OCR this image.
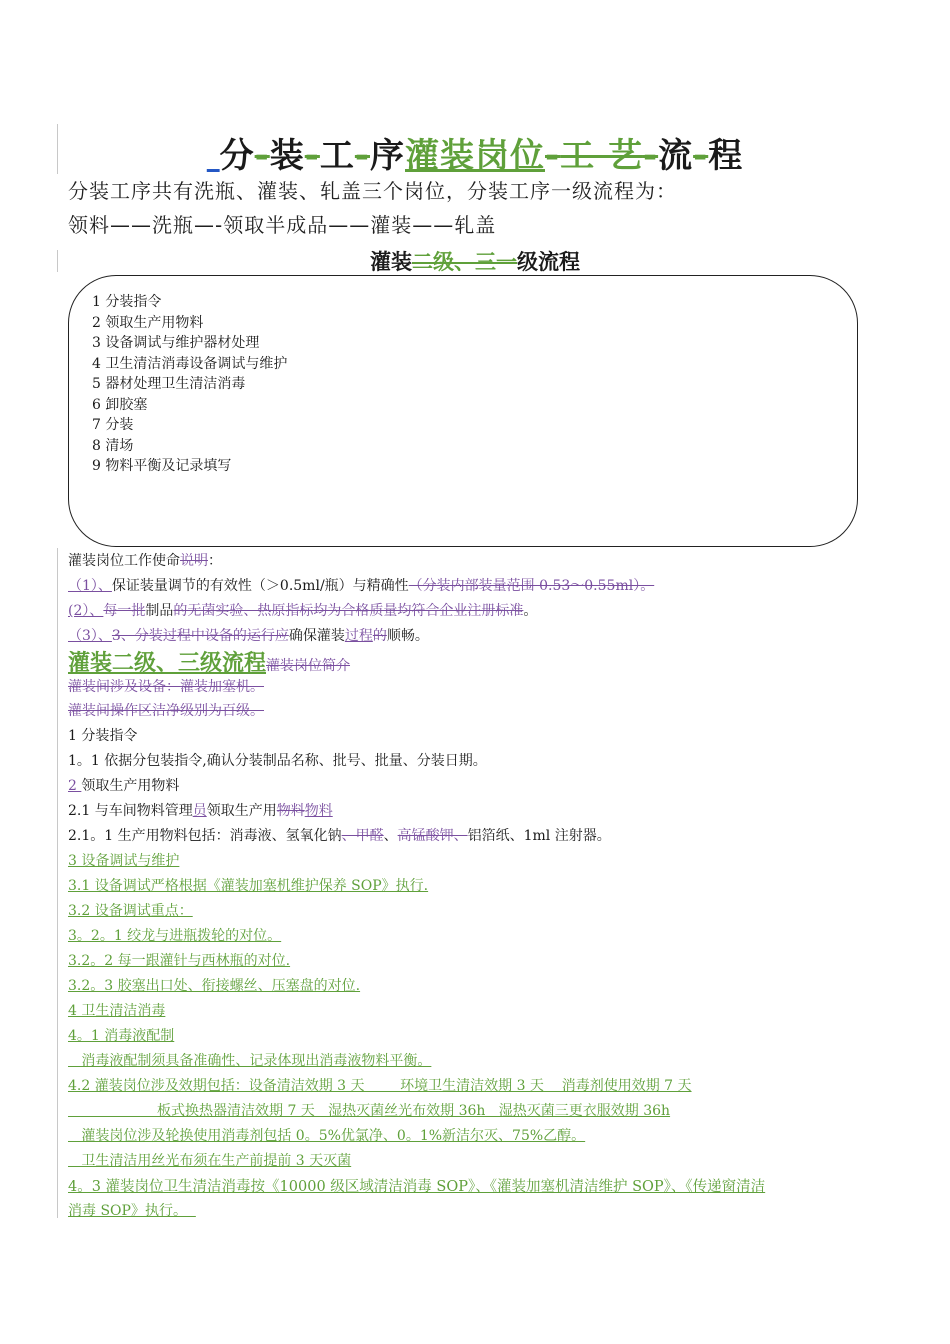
分-装-工-序灌装岗位-工 艺-流-程
分装工序共有洗瓶、灌装、轧盖三个岗位，分装工序一级流程为：
领料——洗瓶—-领取半成品——灌装——轧盖
灌装二级、三一级流程
1 分装指令
2 领取生产用物料
3 设备调试与维护器材处理
4 卫生清洁消毒设备调试与维护
5 器材处理卫生清洁消毒
6 卸胶塞
7 分装
8 清场
9 物料平衡及记录填写
灌装岗位工作使命说明：
（1）、保证装量调节的有效性（＞0.5ml/瓶）与精确性（分装内部装量范围 0.53～0.55ml）。
(2）、每一批制品的无菌实验、热原指标均为合格质量均符合企业注册标准。
（3）、3、分装过程中设备的运行应确保灌装过程的顺畅。
灌装二级、三级流程灌装岗位简介
灌装间涉及设备：灌装加塞机。
灌装间操作区洁净级别为百级。
1 分装指令
1。1 依据分包装指令,确认分装制品名称、批号、批量、分装日期。
2 领取生产用物料
2.1 与车间物料管理员领取生产用物料物料
2.1。1 生产用物料包括：消毒液、氢氧化钠、甲醛、高锰酸钾、铝箔纸、1ml 注射器。
3 设备调试与维护
3.1 设备调试严格根据《灌装加塞机维护保养 SOP》执行.
3.2 设备调试重点：
3。2。1 绞龙与进瓶拨轮的对位。
3.2。2 每一跟灌针与西林瓶的对位.
3.2。3 胶塞出口处、衔接螺丝、压塞盘的对位.
4 卫生清洁消毒
4。1 消毒液配制
消毒液配制须具备准确性、记录体现出消毒液物料平衡。
4.2 灌装岗位涉及效期包括：设备清洁效期 3 天        环境卫生清洁效期 3 天    消毒剂使用效期 7 天
板式换热器清洁效期 7 天   湿热灭菌丝光布效期 36h   湿热灭菌三更衣服效期 36h
灌装岗位涉及轮换使用消毒剂包括 0。5%优氯净、0。1%新洁尔灭、75%乙醇。
卫生清洁用丝光布须在生产前提前 3 天灭菌
4。3 灌装岗位卫生清洁消毒按《10000 级区域清洁消毒 SOP》、《灌装加塞机清洁维护 SOP》、《传递窗清洁
消毒 SOP》执行。
